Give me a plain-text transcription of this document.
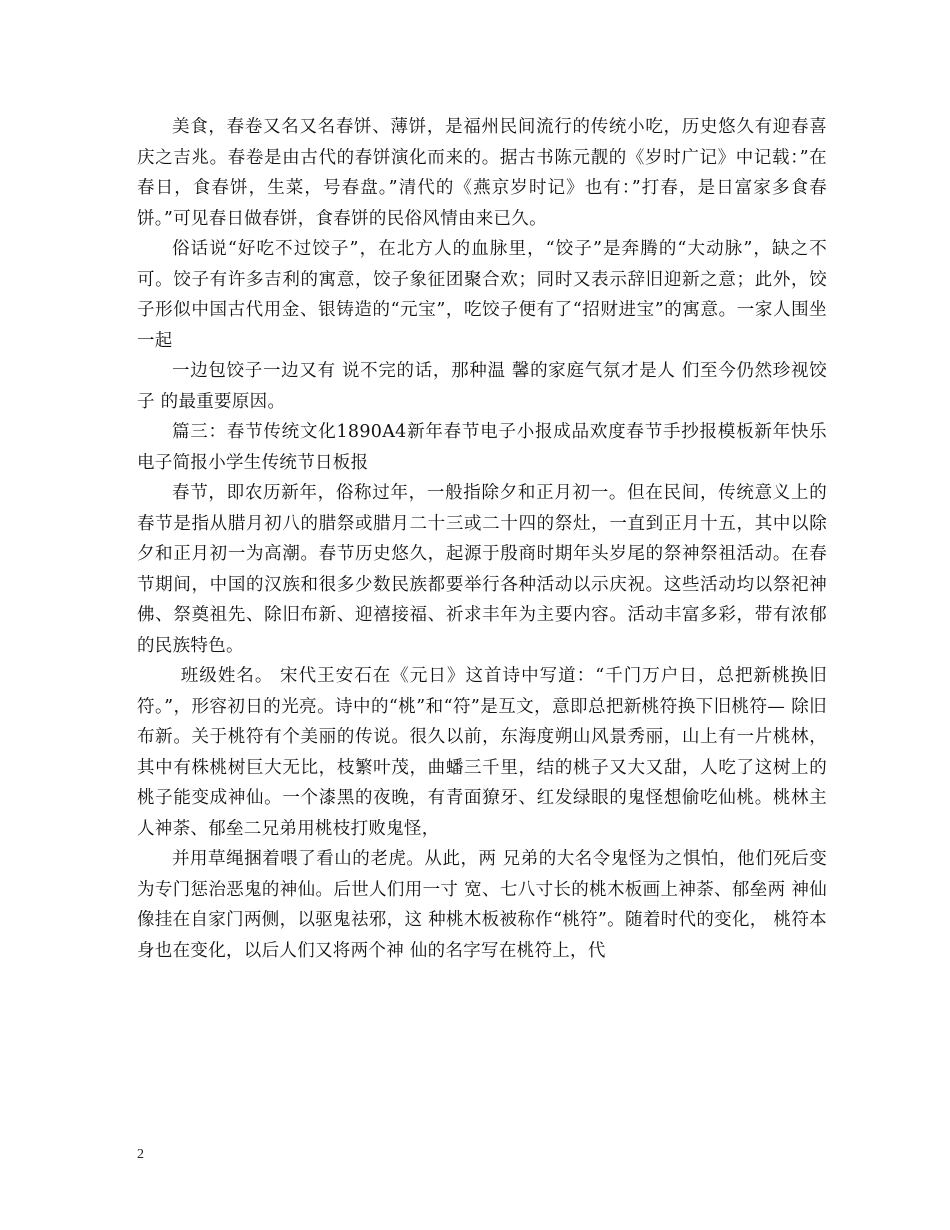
美食，春卷又名又名春饼、薄饼，是福州民间流行的传统小吃，历史悠久有迎春喜庆之吉兆。春卷是由古代的春饼演化而来的。据古书陈元靓的《岁时广记》中记载：”在春日，食春饼，生菜，号春盘。”清代的《燕京岁时记》也有：”打春，是日富家多食春饼。”可见春日做春饼，食春饼的民俗风情由来已久。

俗话说“好吃不过饺子”，在北方人的血脉里，“饺子”是奔腾的“大动脉”，缺之不可。饺子有许多吉利的寓意，饺子象征团聚合欢；同时又表示辞旧迎新之意；此外，饺子形似中国古代用金、银铸造的“元宝”，吃饺子便有了“招财进宝”的寓意。一家人围坐一起

一边包饺子一边又有 说不完的话，那种温 馨的家庭气氛才是人 们至今仍然珍视饺子 的最重要原因。

篇三：春节传统文化1890A4新年春节电子小报成品欢度春节手抄报模板新年快乐电子简报小学生传统节日板报

春节，即农历新年，俗称过年，一般指除夕和正月初一。但在民间，传统意义上的春节是指从腊月初八的腊祭或腊月二十三或二十四的祭灶，一直到正月十五，其中以除夕和正月初一为高潮。春节历史悠久，起源于殷商时期年头岁尾的祭神祭祖活动。在春节期间，中国的汉族和很多少数民族都要举行各种活动以示庆祝。这些活动均以祭祀神佛、祭奠祖先、除旧布新、迎禧接福、祈求丰年为主要内容。活动丰富多彩，带有浓郁的民族特色。

班级姓名。 宋代王安石在《元日》这首诗中写道：“千门万户日，总把新桃换旧符。”，形容初日的光亮。诗中的“桃”和“符”是互文，意即总把新桃符换下旧桃符— 除旧布新。关于桃符有个美丽的传说。很久以前，东海度朔山风景秀丽，山上有一片桃林，其中有株桃树巨大无比，枝繁叶茂，曲蟠三千里，结的桃子又大又甜，人吃了这树上的桃子能变成神仙。一个漆黑的夜晚，有青面獠牙、红发绿眼的鬼怪想偷吃仙桃。桃林主人神荼、郁垒二兄弟用桃枝打败鬼怪，

并用草绳捆着喂了看山的老虎。从此，两 兄弟的大名令鬼怪为之惧怕，他们死后变 为专门惩治恶鬼的神仙。后世人们用一寸 宽、七八寸长的桃木板画上神荼、郁垒两 神仙像挂在自家门两侧，以驱鬼祛邪，这 种桃木板被称作“桃符”。随着时代的变化， 桃符本身也在变化，以后人们又将两个神 仙的名字写在桃符上，代

2
